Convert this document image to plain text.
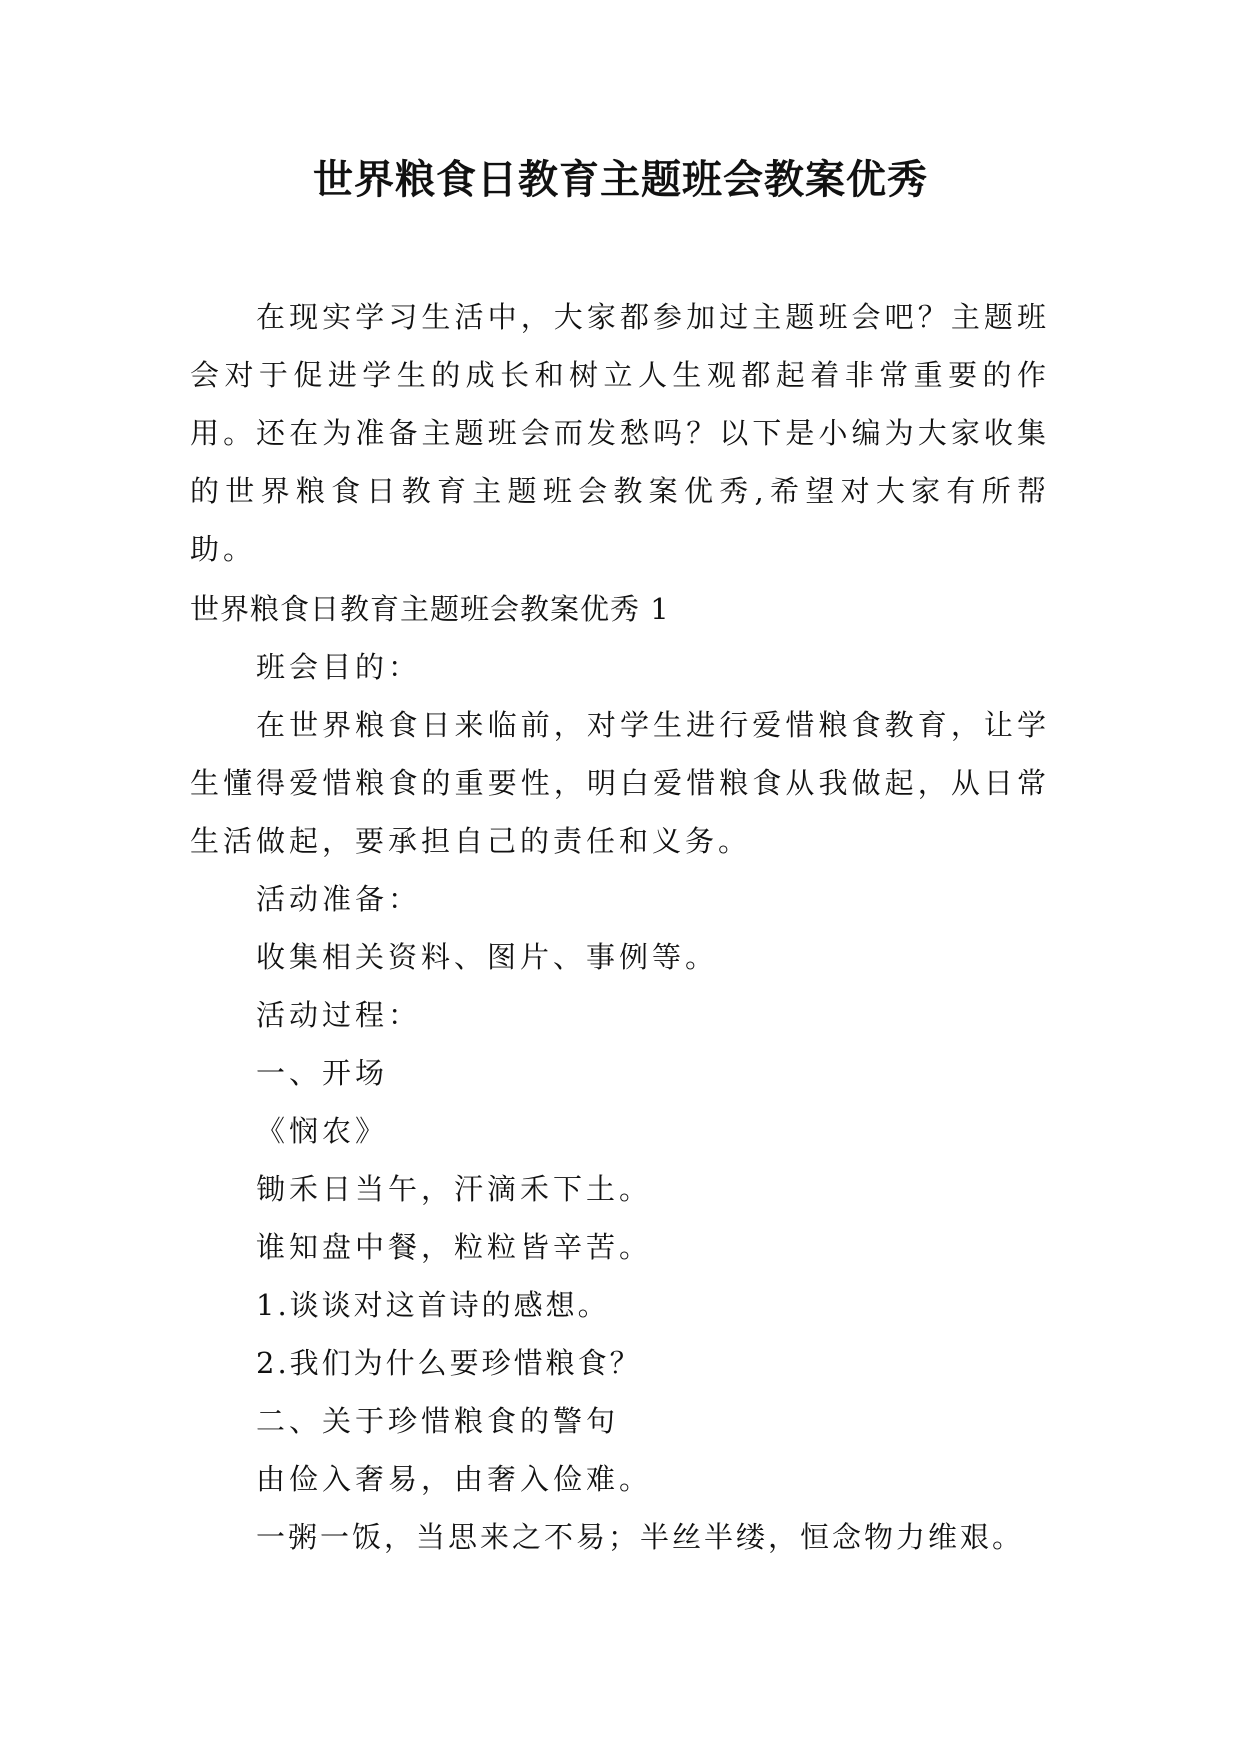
世界粮食日教育主题班会教案优秀

在现实学习生活中，大家都参加过主题班会吧？主题班会对于促进学生的成长和树立人生观都起着非常重要的作用。还在为准备主题班会而发愁吗？以下是小编为大家收集的世界粮食日教育主题班会教案优秀,希望对大家有所帮助。

世界粮食日教育主题班会教案优秀 1

班会目的：

在世界粮食日来临前，对学生进行爱惜粮食教育，让学生懂得爱惜粮食的重要性，明白爱惜粮食从我做起，从日常生活做起，要承担自己的责任和义务。

活动准备：

收集相关资料、图片、事例等。

活动过程：

一、开场

《悯农》

锄禾日当午，汗滴禾下土。

谁知盘中餐，粒粒皆辛苦。

1.谈谈对这首诗的感想。

2.我们为什么要珍惜粮食？

二、关于珍惜粮食的警句

由俭入奢易，由奢入俭难。

一粥一饭，当思来之不易；半丝半缕，恒念物力维艰。
